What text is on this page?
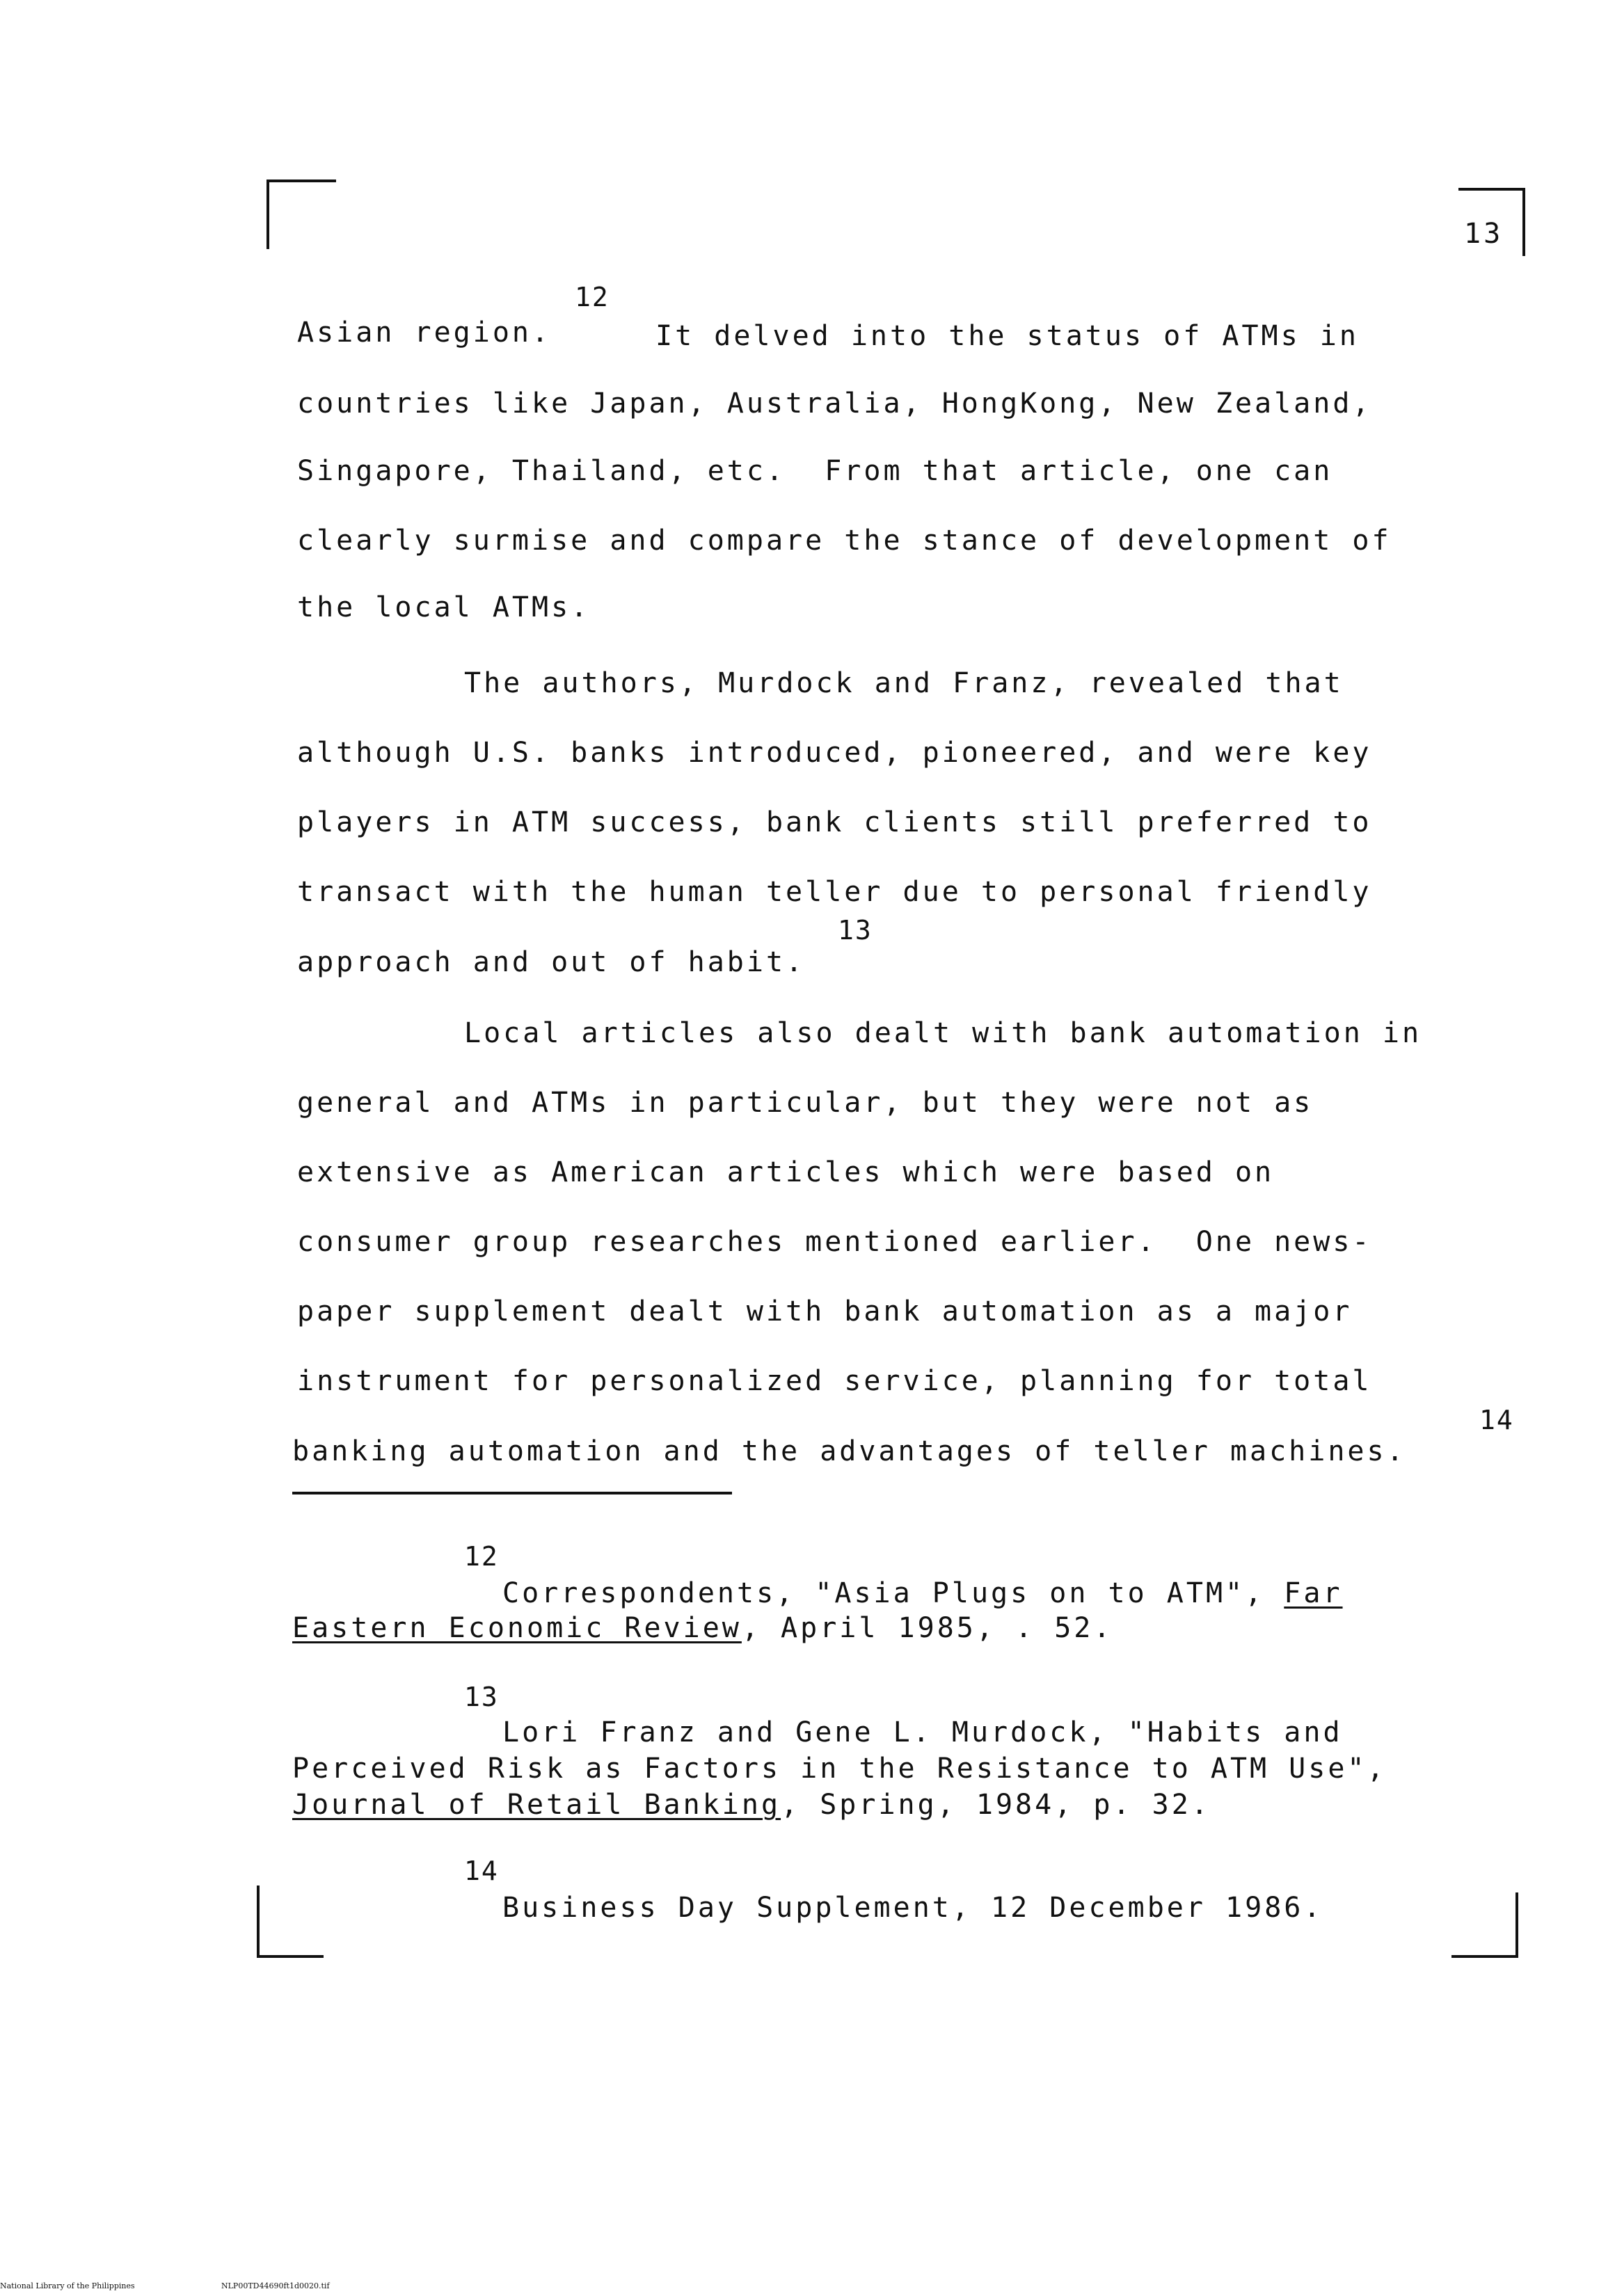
13
12
Asian region.	It delved into the status of ATMs in
countries like Japan, Australia, HongKong, New Zealand,
Singapore, Thailand, etc.  From that article, one can
clearly surmise and compare the stance of development of
the local ATMs.
The authors, Murdock and Franz, revealed that
although U.S. banks introduced, pioneered, and were key
players in ATM success, bank clients still preferred to
transact with the human teller due to personal friendly
13
approach and out of habit.
Local articles also dealt with bank automation in
general and ATMs in particular, but they were not as
extensive as American articles which were based on
consumer group researches mentioned earlier.  One news-
paper supplement dealt with bank automation as a major
instrument for personalized service, planning for total
14
banking automation and the advantages of teller machines.
12
Correspondents, "Asia Plugs on to ATM", Far
Eastern Economic Review, April 1985, . 52.
13
Lori Franz and Gene L. Murdock, "Habits and
Perceived Risk as Factors in the Resistance to ATM Use",
Journal of Retail Banking, Spring, 1984, p. 32.
14
Business Day Supplement, 12 December 1986.
National Library of the Philippines	NLP00TD44690ft1d0020.tif
